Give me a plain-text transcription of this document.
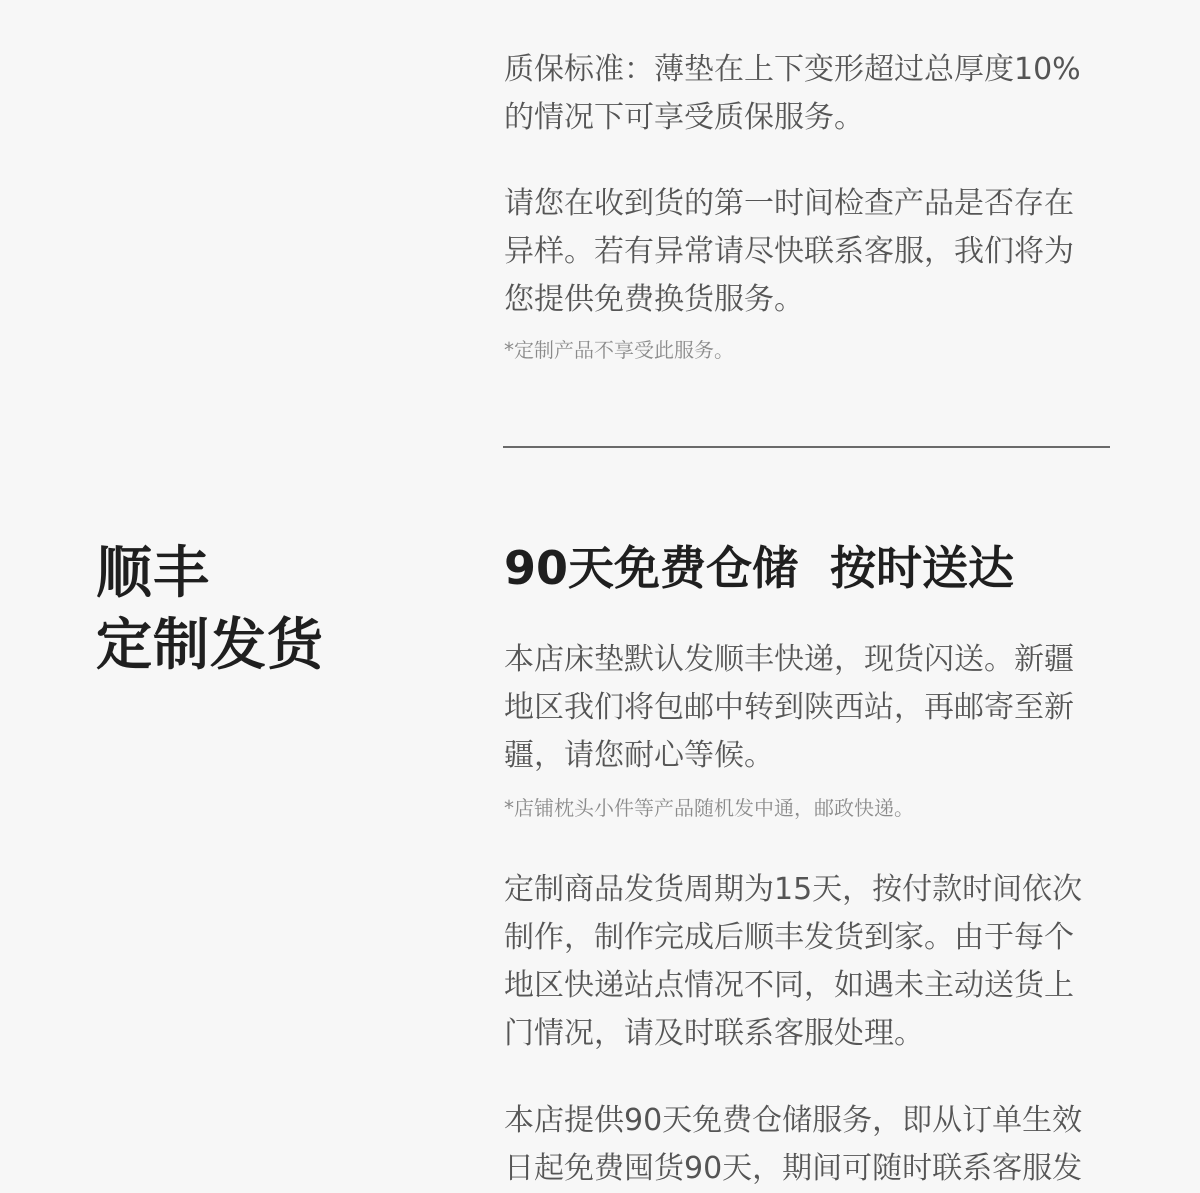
质保标准：薄垫在上下变形超过总厚度10%
的情况下可享受质保服务。

请您在收到货的第一时间检查产品是否存在
异样。若有异常请尽快联系客服，我们将为
您提供免费换货服务。

*定制产品不享受此服务。

顺丰
定制发货
90天免费仓储 按时送达

本店床垫默认发顺丰快递，现货闪送。新疆
地区我们将包邮中转到陕西站，再邮寄至新
疆，请您耐心等候。

*店铺枕头小件等产品随机发中通，邮政快递。

定制商品发货周期为15天，按付款时间依次
制作，制作完成后顺丰发货到家。由于每个
地区快递站点情况不同，如遇未主动送货上
门情况，请及时联系客服处理。

本店提供90天免费仓储服务，即从订单生效
日起免费囤货90天，期间可随时联系客服发
